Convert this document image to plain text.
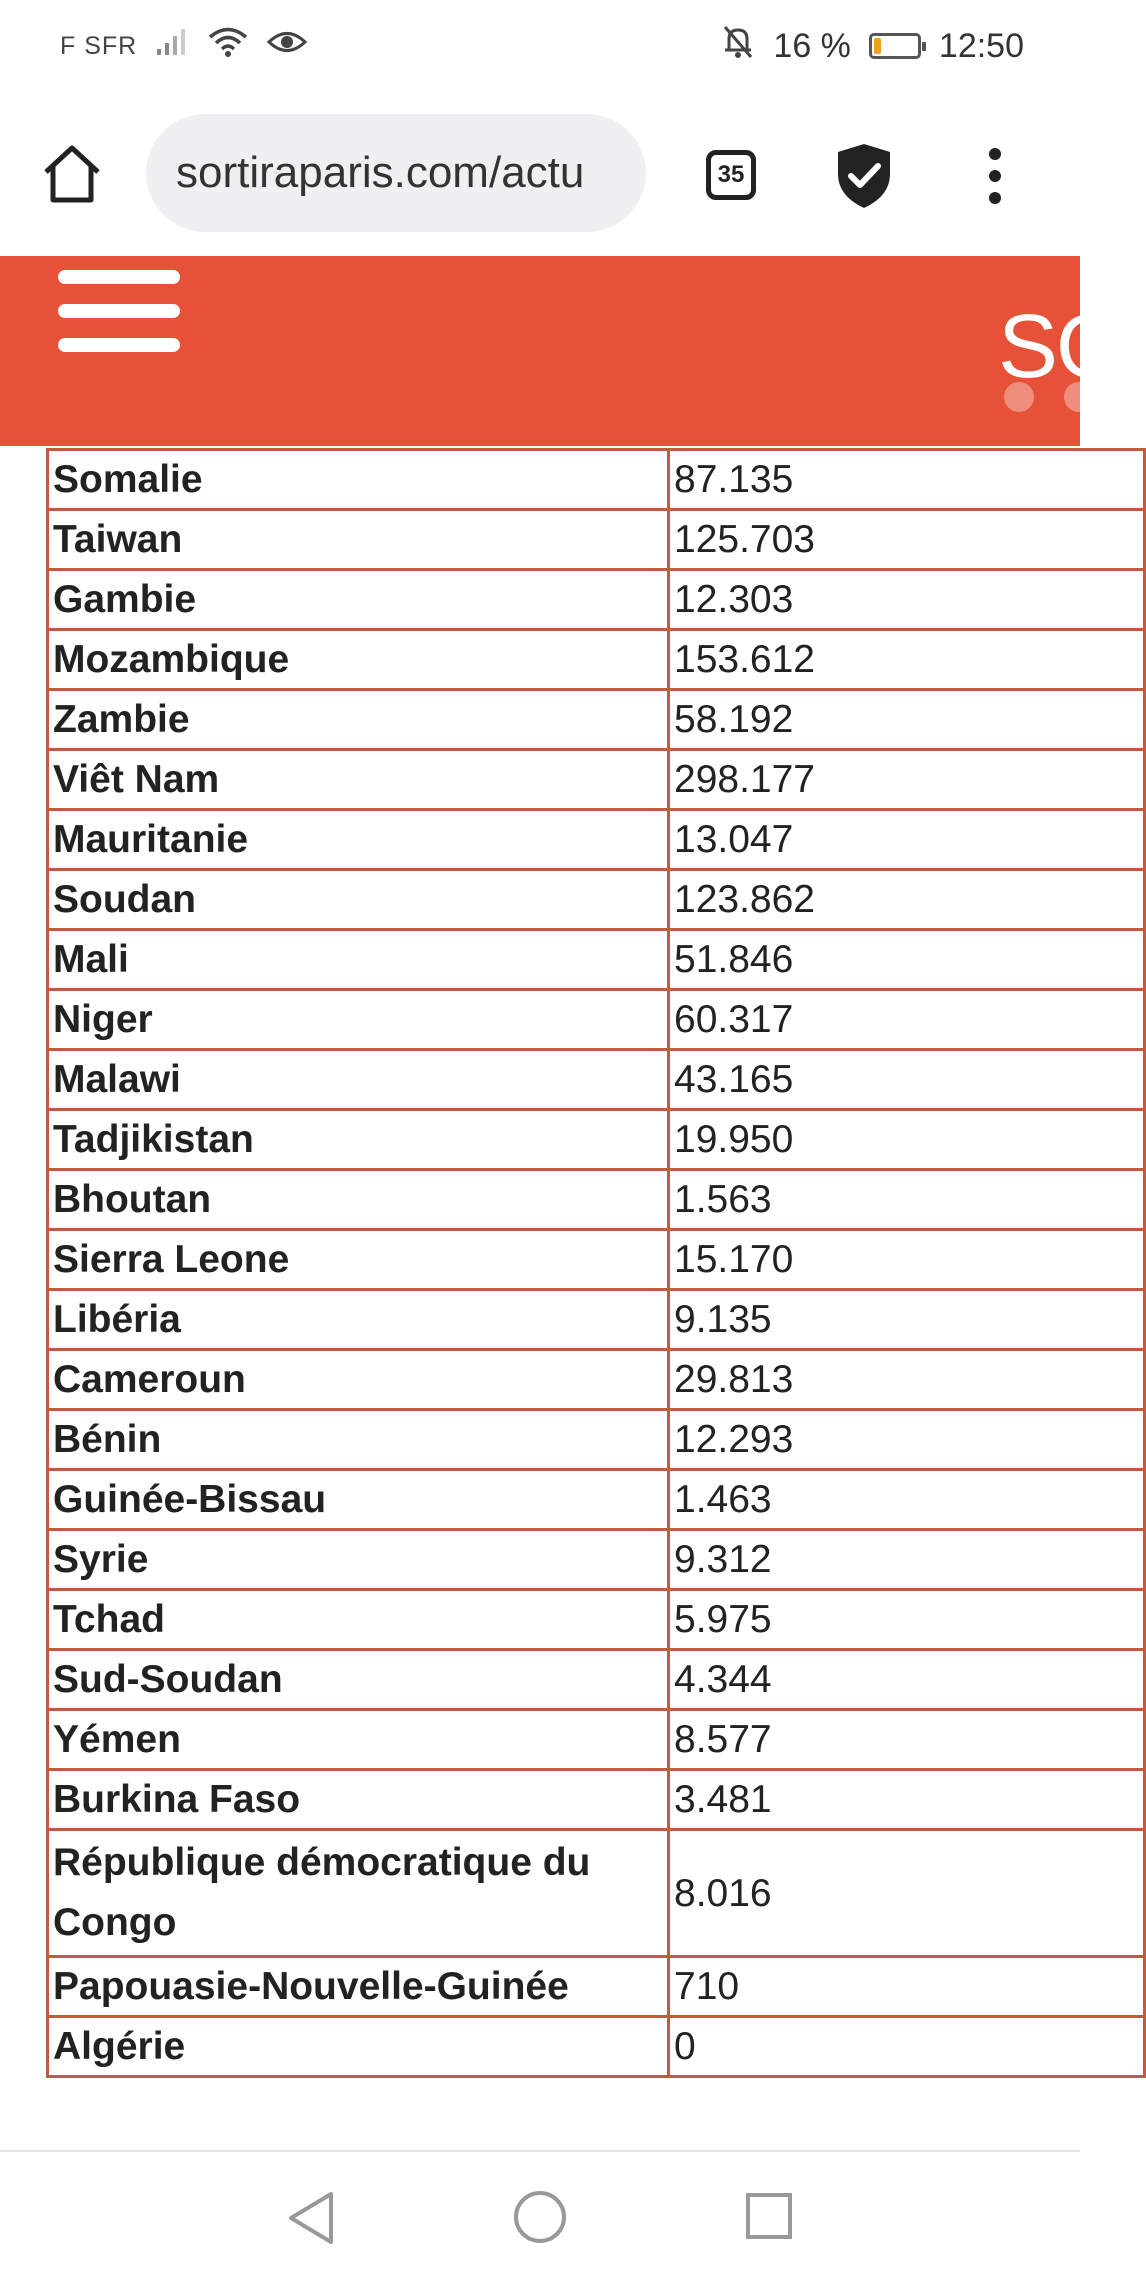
F SFR	16 %	12:50
sortiraparis.com/actu	35
SO
Somalie	87.135
Taiwan	125.703
Gambie	12.303
Mozambique	153.612
Zambie	58.192
Viêt Nam	298.177
Mauritanie	13.047
Soudan	123.862
Mali	51.846
Niger	60.317
Malawi	43.165
Tadjikistan	19.950
Bhoutan	1.563
Sierra Leone	15.170
Libéria	9.135
Cameroun	29.813
Bénin	12.293
Guinée-Bissau	1.463
Syrie	9.312
Tchad	5.975
Sud-Soudan	4.344
Yémen	8.577
Burkina Faso	3.481
République démocratique du Congo	8.016
Papouasie-Nouvelle-Guinée	710
Algérie	0
